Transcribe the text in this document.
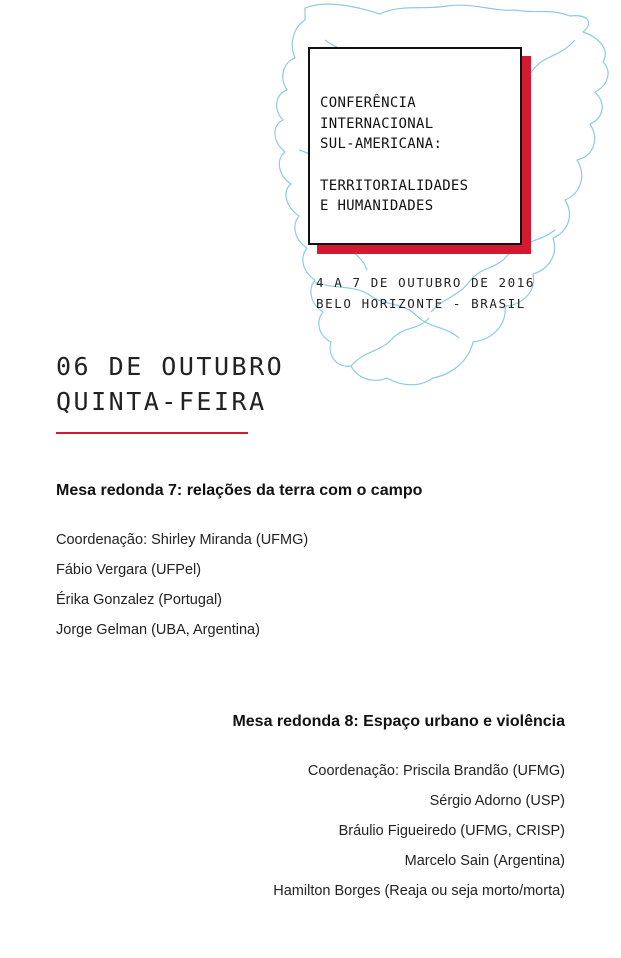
CONFERÊNCIA
INTERNACIONAL
SUL-AMERICANA:
TERRITORIALIDADES
E HUMANIDADES
4 A 7 DE OUTUBRO DE 2016
BELO HORIZONTE - BRASIL
06 DE OUTUBRO
QUINTA-FEIRA
Mesa redonda 7: relações da terra com o campo
Coordenação: Shirley Miranda (UFMG)
Fábio Vergara (UFPel)
Érika Gonzalez (Portugal)
Jorge Gelman (UBA, Argentina)
Mesa redonda 8: Espaço urbano e violência
Coordenação: Priscila Brandão (UFMG)
Sérgio Adorno (USP)
Bráulio Figueiredo (UFMG, CRISP)
Marcelo Sain (Argentina)
Hamilton Borges (Reaja ou seja morto/morta)
